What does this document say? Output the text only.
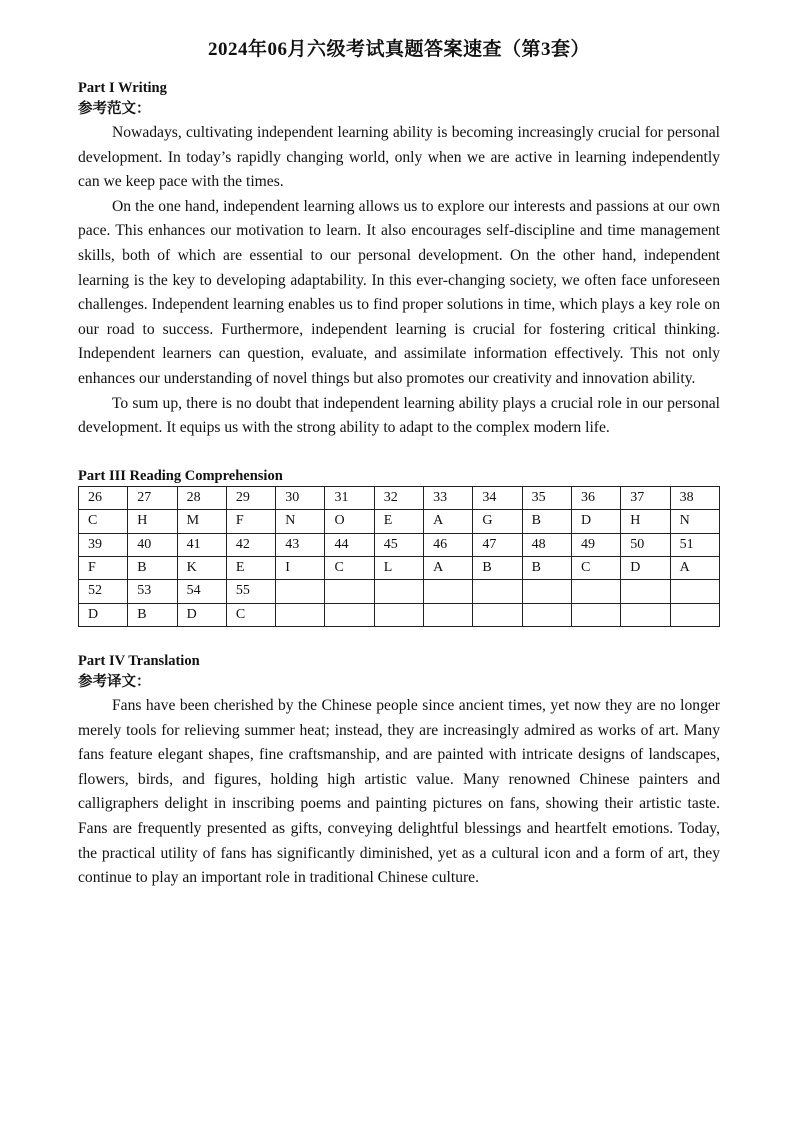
2024年06月六级考试真题答案速查（第3套）
Part I Writing
参考范文：

Nowadays, cultivating independent learning ability is becoming increasingly crucial for personal development. In today’s rapidly changing world, only when we are active in learning independently can we keep pace with the times.

On the one hand, independent learning allows us to explore our interests and passions at our own pace. This enhances our motivation to learn. It also encourages self-discipline and time management skills, both of which are essential to our personal development. On the other hand, independent learning is the key to developing adaptability. In this ever-changing society, we often face unforeseen challenges. Independent learning enables us to find proper solutions in time, which plays a key role on our road to success. Furthermore, independent learning is crucial for fostering critical thinking. Independent learners can question, evaluate, and assimilate information effectively. This not only enhances our understanding of novel things but also promotes our creativity and innovation ability.

To sum up, there is no doubt that independent learning ability plays a crucial role in our personal development. It equips us with the strong ability to adapt to the complex modern life.

Part III Reading Comprehension
26	27	28	29	30	31	32	33	34	35	36	37	38
C	H	M	F	N	O	E	A	G	B	D	H	N
39	40	41	42	43	44	45	46	47	48	49	50	51
F	B	K	E	I	C	L	A	B	B	C	D	A
52	53	54	55									
D	B	D	C									
Part IV Translation
参考译文：

Fans have been cherished by the Chinese people since ancient times, yet now they are no longer merely tools for relieving summer heat; instead, they are increasingly admired as works of art. Many fans feature elegant shapes, fine craftsmanship, and are painted with intricate designs of landscapes, flowers, birds, and figures, holding high artistic value. Many renowned Chinese painters and calligraphers delight in inscribing poems and painting pictures on fans, showing their artistic taste. Fans are frequently presented as gifts, conveying delightful blessings and heartfelt emotions. Today, the practical utility of fans has significantly diminished, yet as a cultural icon and a form of art, they continue to play an important role in traditional Chinese culture.
